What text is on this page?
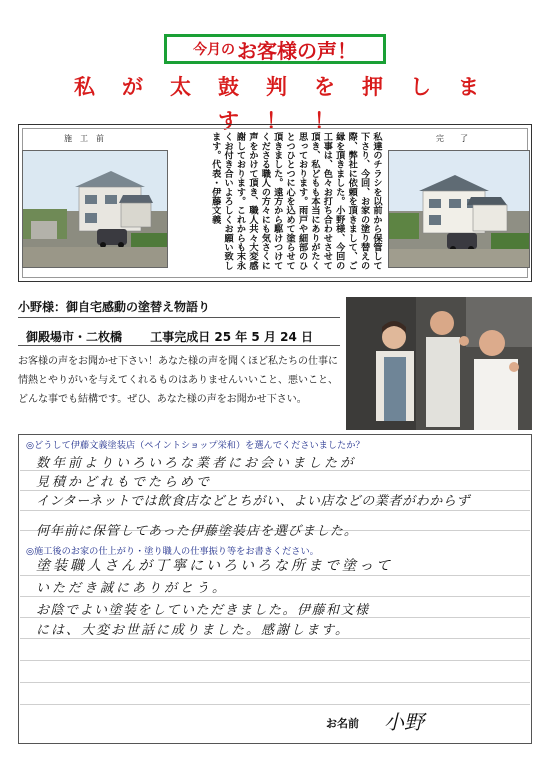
今月の お客様の声！
私が太鼓判を押しま
す！！
施　工　前	私達のチラシを以前から保管して下さり、今回、お家の塗り替えの際、弊社に依頼を頂きまして、ご縁を頂きました。小野様、今回の工事は、色々お打ち合わせさせて頂き、私どもも本当にありがたく思っております。雨戸や細部のひとつひとつに心を込めて塗らせて頂きました。遠方から駆けつけてくださる職人の方々にも気さくに声をかけて頂き、職人共々大変感謝しております。これからも末永くお付き合いよろしくお願い致します。代表・伊藤文義	完　　了
小野様：御自宅感動の塗替え物語り
御殿場市・二枚橋 工事完成日 25 年 5 月 24 日
お客様の声をお聞かせ下さい！あなた様の声を聞くほど私たちの仕事に情熱とやりがいを与えてくれるものはありませんいいこと、悪いこと、どんな事でも結構です。ぜひ、あなた様の声をお聞かせ下さい。
◎どうして伊藤文義塗装店（ペイントショップ栄和）を選んでくださいましたか？
数年前よりいろいろな業者にお会いましたが
見積かどれもでたらめで
インターネットでは飲食店などとちがい、よい店などの業者がわからず
何年前に保管してあった伊藤塗装店を選びました。
◎施工後のお家の仕上がり・塗り職人の仕事振り等をお書きください。
塗装職人さんが丁寧にいろいろな所まで塗って
いただき誠にありがとう。
お陰でよい塗装をしていただきました。伊藤和文様
には、大変お世話に成りました。感謝します。
お名前 小野
